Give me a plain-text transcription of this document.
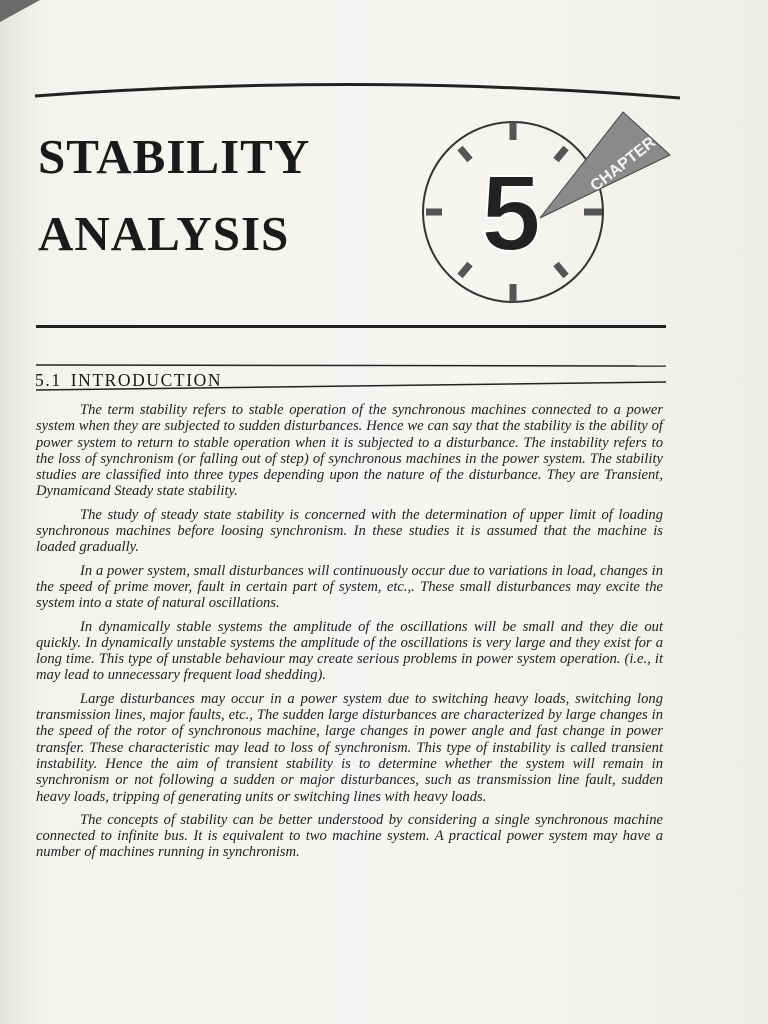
STABILITY
ANALYSIS
CHAPTER
5
5.1 INTRODUCTION

The term stability refers to stable operation of the synchronous machines connected to a power system when they are subjected to sudden disturbances. Hence we can say that the stability is the ability of power system to return to stable operation when it is subjected to a disturbance. The instability refers to the loss of synchronism (or falling out of step) of synchronous machines in the power system. The stability studies are classified into three types depending upon the nature of the disturbance. They are Transient, Dynamicand Steady state stability.

The study of steady state stability is concerned with the determination of upper limit of loading synchronous machines before loosing synchronism. In these studies it is assumed that the machine is loaded gradually.

In a power system, small disturbances will continuously occur due to variations in load, changes in the speed of prime mover, fault in certain part of system, etc.,. These small disturbances may excite the system into a state of natural oscillations.

In dynamically stable systems the amplitude of the oscillations will be small and they die out quickly. In dynamically unstable systems the amplitude of the oscillations is very large and they exist for a long time. This type of unstable behaviour may create serious problems in power system operation. (i.e., it may lead to unnecessary frequent load shedding).

Large disturbances may occur in a power system due to switching heavy loads, switching long transmission lines, major faults, etc., The sudden large disturbances are characterized by large changes in the speed of the rotor of synchronous machine, large changes in power angle and fast change in power transfer. These characteristic may lead to loss of synchronism. This type of instability is called transient instability. Hence the aim of transient stability is to determine whether the system will remain in synchronism or not following a sudden or major disturbances, such as transmission line fault, sudden heavy loads, tripping of generating units or switching lines with heavy loads.

The concepts of stability can be better understood by considering a single synchronous machine connected to infinite bus. It is equivalent to two machine system. A practical power system may have a number of machines running in synchronism.
